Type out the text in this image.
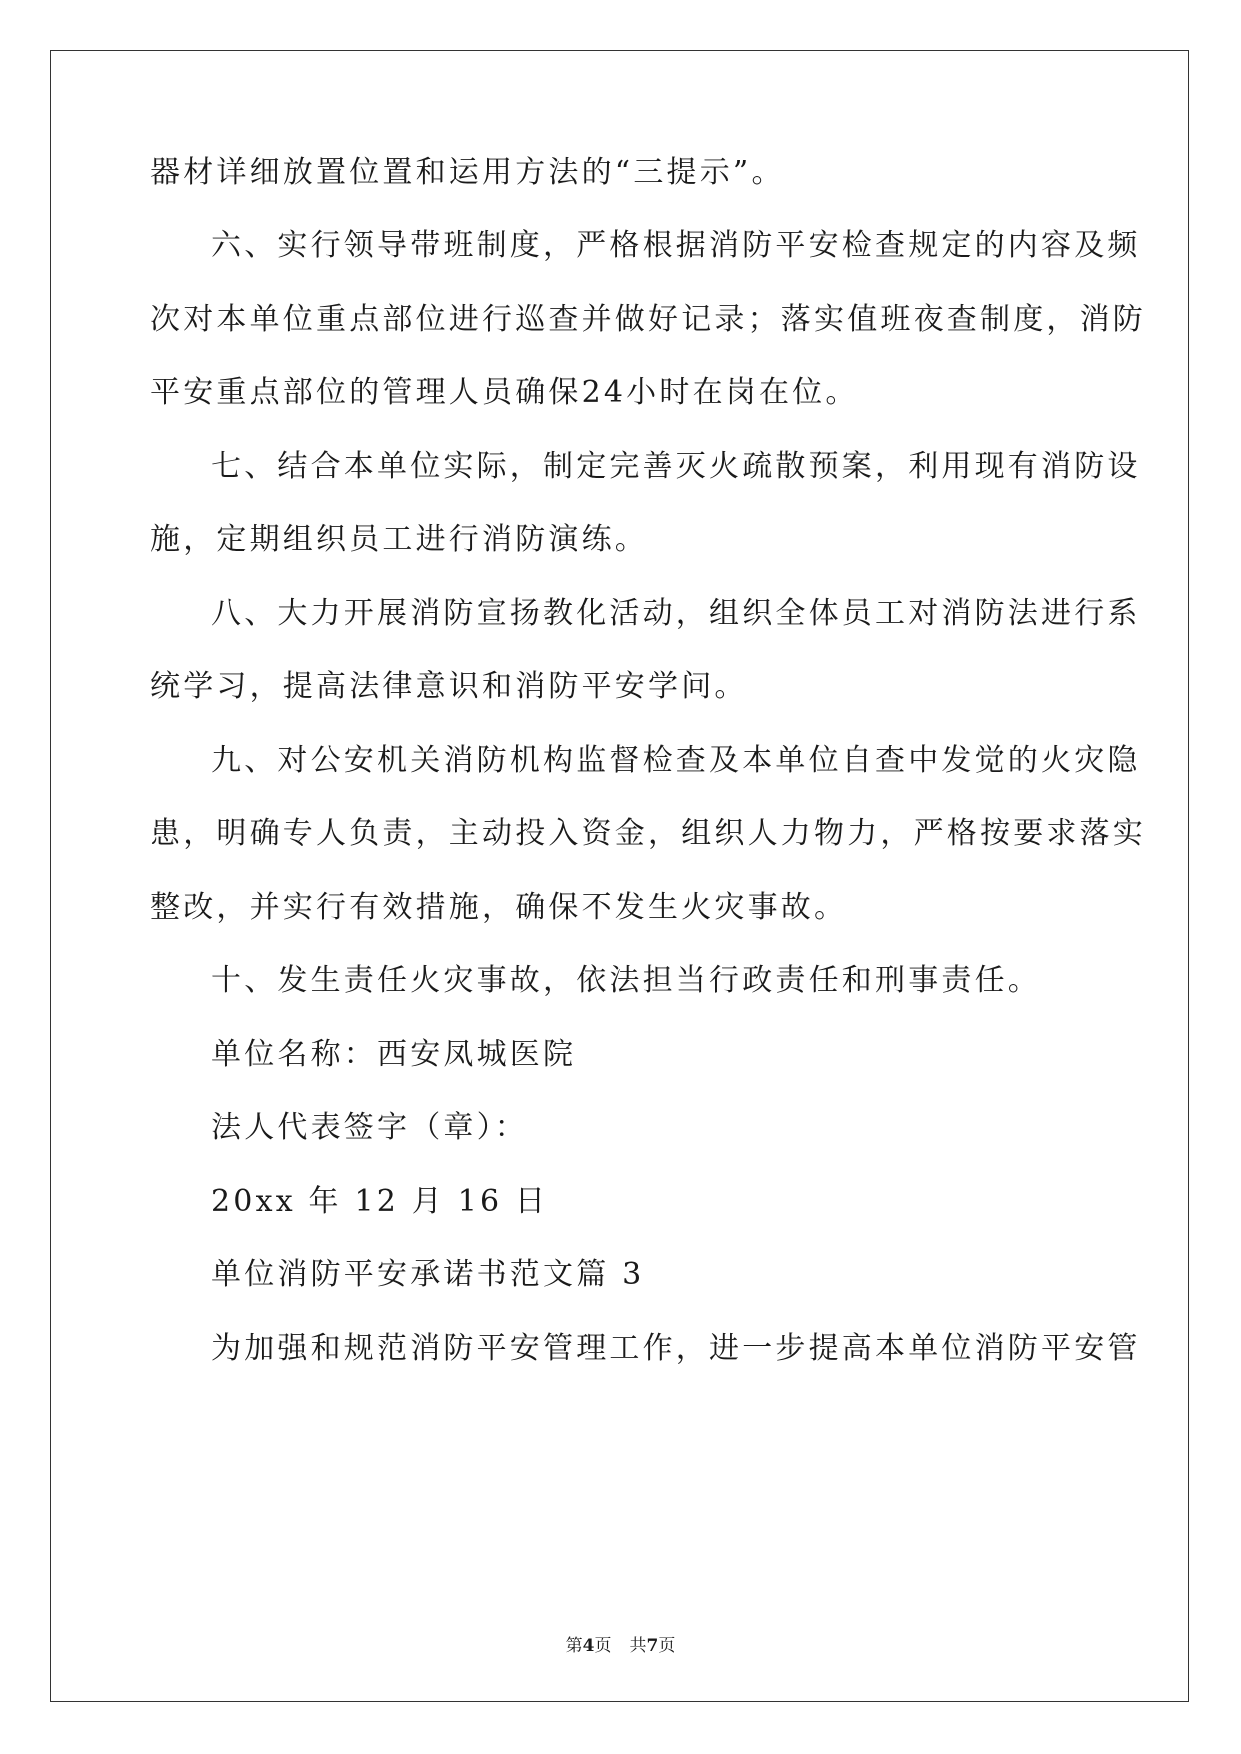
器材详细放置位置和运用方法的“三提示”。
六、实行领导带班制度，严格根据消防平安检查规定的内容及频
次对本单位重点部位进行巡查并做好记录；落实值班夜查制度，消防
平安重点部位的管理人员确保24小时在岗在位。
七、结合本单位实际，制定完善灭火疏散预案，利用现有消防设
施，定期组织员工进行消防演练。
八、大力开展消防宣扬教化活动，组织全体员工对消防法进行系
统学习，提高法律意识和消防平安学问。
九、对公安机关消防机构监督检查及本单位自查中发觉的火灾隐
患，明确专人负责，主动投入资金，组织人力物力，严格按要求落实
整改，并实行有效措施，确保不发生火灾事故。
十、发生责任火灾事故，依法担当行政责任和刑事责任。
单位名称：西安凤城医院
法人代表签字（章）：
20xx 年 12 月 16 日
单位消防平安承诺书范文篇 3
为加强和规范消防平安管理工作，进一步提高本单位消防平安管
第4页 共7页
